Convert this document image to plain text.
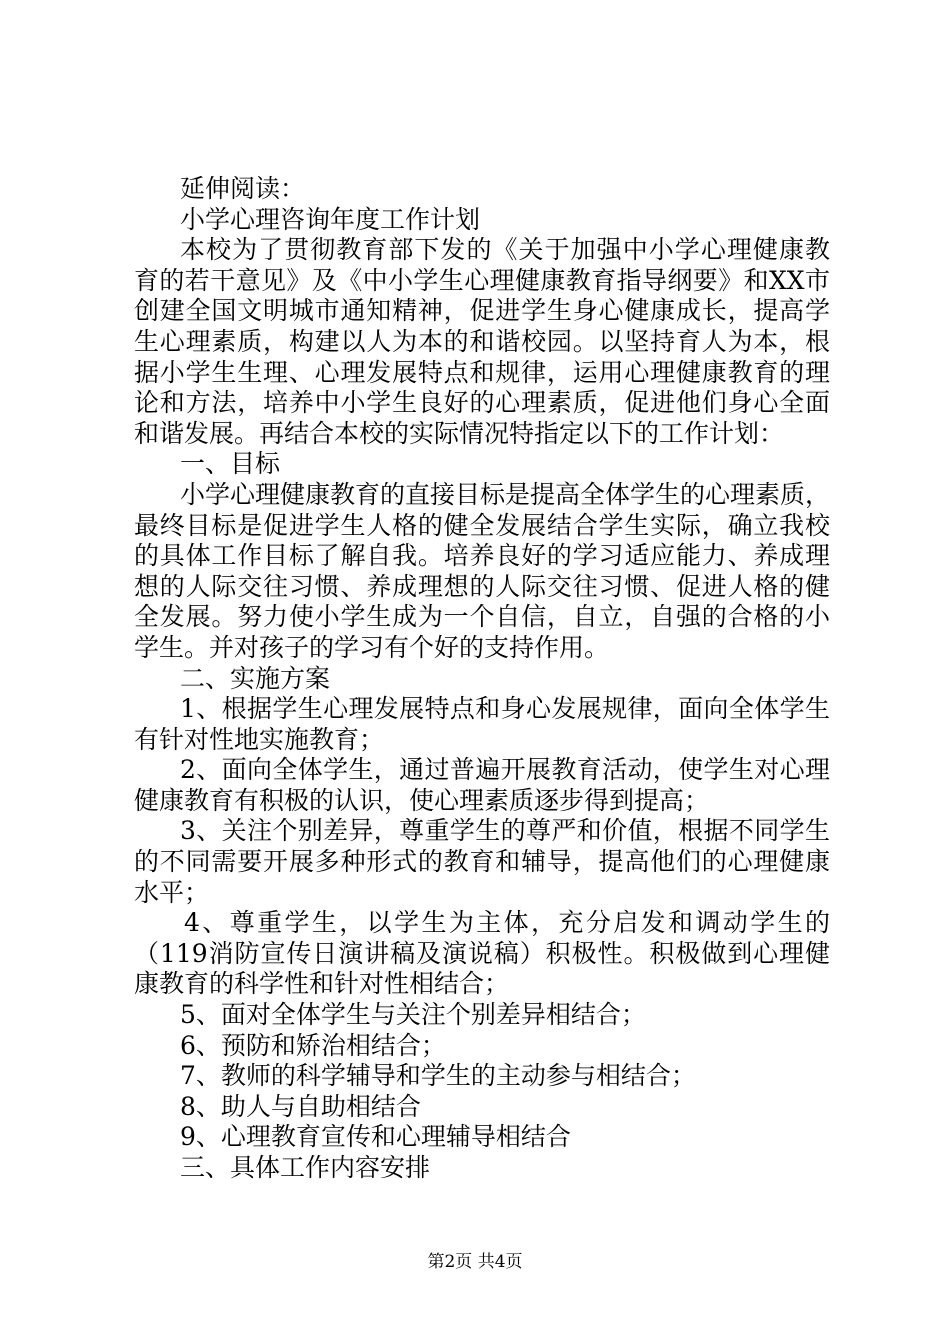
延伸阅读：
小学心理咨询年度工作计划
本校为了贯彻教育部下发的《关于加强中小学心理健康教
育的若干意见》及《中小学生心理健康教育指导纲要》和XX市
创建全国文明城市通知精神，促进学生身心健康成长，提高学
生心理素质，构建以人为本的和谐校园。以坚持育人为本，根
据小学生生理、心理发展特点和规律，运用心理健康教育的理
论和方法，培养中小学生良好的心理素质，促进他们身心全面
和谐发展。再结合本校的实际情况特指定以下的工作计划：
一、目标
小学心理健康教育的直接目标是提高全体学生的心理素质，
最终目标是促进学生人格的健全发展结合学生实际，确立我校
的具体工作目标了解自我。培养良好的学习适应能力、养成理
想的人际交往习惯、养成理想的人际交往习惯、促进人格的健
全发展。努力使小学生成为一个自信，自立，自强的合格的小
学生。并对孩子的学习有个好的支持作用。
二、实施方案
1、根据学生心理发展特点和身心发展规律，面向全体学生
有针对性地实施教育；
2、面向全体学生，通过普遍开展教育活动，使学生对心理
健康教育有积极的认识，使心理素质逐步得到提高；
3、关注个别差异，尊重学生的尊严和价值，根据不同学生
的不同需要开展多种形式的教育和辅导，提高他们的心理健康
水平；
4、尊重学生，以学生为主体，充分启发和调动学生的
（119消防宣传日演讲稿及演说稿）积极性。积极做到心理健
康教育的科学性和针对性相结合；
5、面对全体学生与关注个别差异相结合；
6、预防和矫治相结合；
7、教师的科学辅导和学生的主动参与相结合；
8、助人与自助相结合
9、心理教育宣传和心理辅导相结合
三、具体工作内容安排
第2页 共4页
